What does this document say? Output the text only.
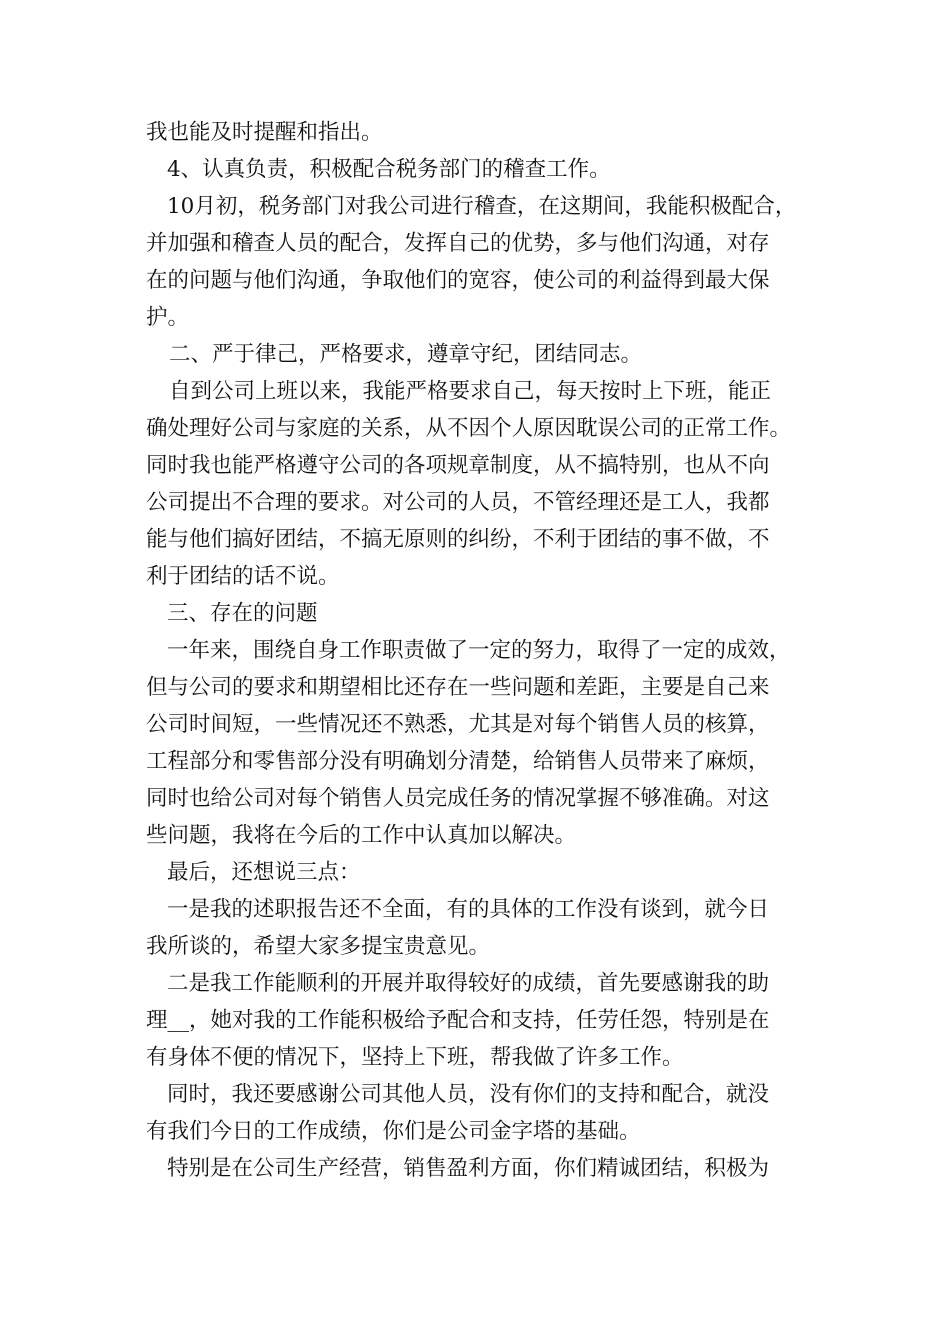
我也能及时提醒和指出。
4、认真负责，积极配合税务部门的稽查工作。
10月初，税务部门对我公司进行稽查，在这期间，我能积极配合，
并加强和稽查人员的配合，发挥自己的优势，多与他们沟通，对存
在的问题与他们沟通，争取他们的宽容，使公司的利益得到最大保
护。
二、严于律己，严格要求，遵章守纪，团结同志。
自到公司上班以来，我能严格要求自己，每天按时上下班，能正
确处理好公司与家庭的关系，从不因个人原因耽误公司的正常工作。
同时我也能严格遵守公司的各项规章制度，从不搞特别，也从不向
公司提出不合理的要求。对公司的人员，不管经理还是工人，我都
能与他们搞好团结，不搞无原则的纠纷，不利于团结的事不做，不
利于团结的话不说。
三、存在的问题
一年来，围绕自身工作职责做了一定的努力，取得了一定的成效，
但与公司的要求和期望相比还存在一些问题和差距，主要是自己来
公司时间短，一些情况还不熟悉，尤其是对每个销售人员的核算，
工程部分和零售部分没有明确划分清楚，给销售人员带来了麻烦，
同时也给公司对每个销售人员完成任务的情况掌握不够准确。对这
些问题，我将在今后的工作中认真加以解决。
最后，还想说三点：
一是我的述职报告还不全面，有的具体的工作没有谈到，就今日
我所谈的，希望大家多提宝贵意见。
二是我工作能顺利的开展并取得较好的成绩，首先要感谢我的助
理__，她对我的工作能积极给予配合和支持，任劳任怨，特别是在
有身体不便的情况下，坚持上下班，帮我做了许多工作。
同时，我还要感谢公司其他人员，没有你们的支持和配合，就没
有我们今日的工作成绩，你们是公司金字塔的基础。
特别是在公司生产经营，销售盈利方面，你们精诚团结，积极为
